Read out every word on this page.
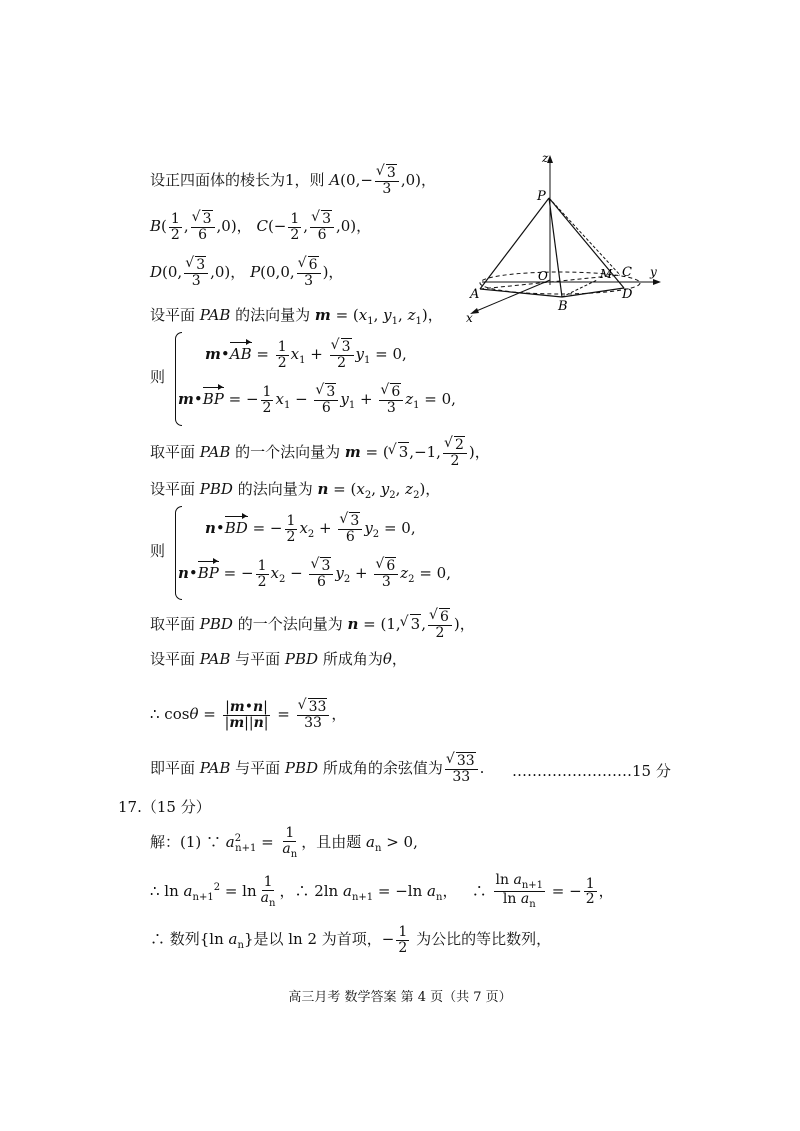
z
P
y
x
A
B
C
D
O	M
设正四面体的棱长为1，则 A(0,− √ $\frac{3}{3} ,0$)，
$B( \frac{1}{2}$ , √ $\frac{3}{6} ,0$)， $C(- \frac{1}{2}$ , √ $\frac{3}{6} ,0$)，
D(0, √ $\frac{3}{3} ,0$)， P(0,0, √ $\frac{6}{3}$ )，
设平面 PAB 的法向量为 $m = (x_1$, $y_1$, $z_1$)，
则
m•AB = $\frac{1}{2} x_1$ + √ $\frac{3}{2} y_1 = 0$,
m•BP = − $\frac{1}{2} x_1$ − √ $\frac{3}{6} y_1$ + √ $\frac{6}{3} z_1 = 0$,
取平面 PAB 的一个法向量为 m = ( √ 3,−1, √ $\frac{2}{2}$ )，
设平面 PBD 的法向量为 $n = (x_2$, $y_2$, $z_2$)，
则
n•BD = − $\frac{1}{2} x_2$ + √ $\frac{3}{6} y_2 = 0$,
n•BP = − $\frac{1}{2} x_2$ − √ $\frac{3}{6} y_2$ + √ $\frac{6}{3} z_2 = 0$,
取平面 PBD 的一个法向量为 n = (1, √ 3, √ $\frac{6}{2}$ )，
设平面 PAB 与平面 PBD 所成角为θ，
∴ $\cos\theta = \frac{|m•n|}{|m||n|}$ = √ $\frac{33}{33}$ ，
即平面 PAB 与平面 PBD 所成角的余弦值为 √ $\frac{33}{33}$ . ……………………15 分
17.（15 分）
解：(1) ∵ $a^2_{n+1} = \frac{1}{a_n}$ ，且由题 $a_n > 0$,
∴ $\ln a_{n+1}^2 = \ln \frac{1}{a_n}$ ，∴ 2ln $a_{n+1} = -\ln$ $a_n$，   ∴ $\frac{\ln a_{n+1}}{\ln a_n}$ = − $\frac{1}{2}$ ，
∴ 数列{ln $a_n$}是以 ln 2 为首项，− $\frac{1}{2}$ 为公比的等比数列，
高三月考 数学答案 第 4 页（共 7 页）
